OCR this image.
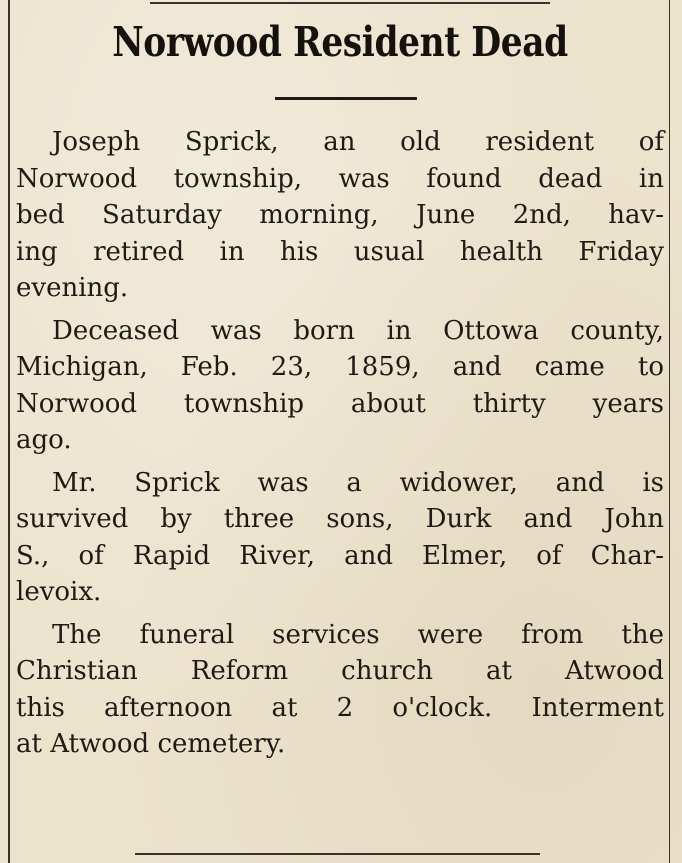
Norwood Resident Dead
Joseph Sprick, an old resident of
Norwood township, was found dead in
bed Saturday morning, June 2nd, hav-
ing retired in his usual health Friday
evening.
Deceased was born in Ottowa county,
Michigan, Feb. 23, 1859, and came to
Norwood township about thirty years
ago.
Mr. Sprick was a widower, and is
survived by three sons, Durk and John
S., of Rapid River, and Elmer, of Char-
levoix.
The funeral services were from the
Christian Reform church at Atwood
this afternoon at 2 o'clock. Interment
at Atwood cemetery.
